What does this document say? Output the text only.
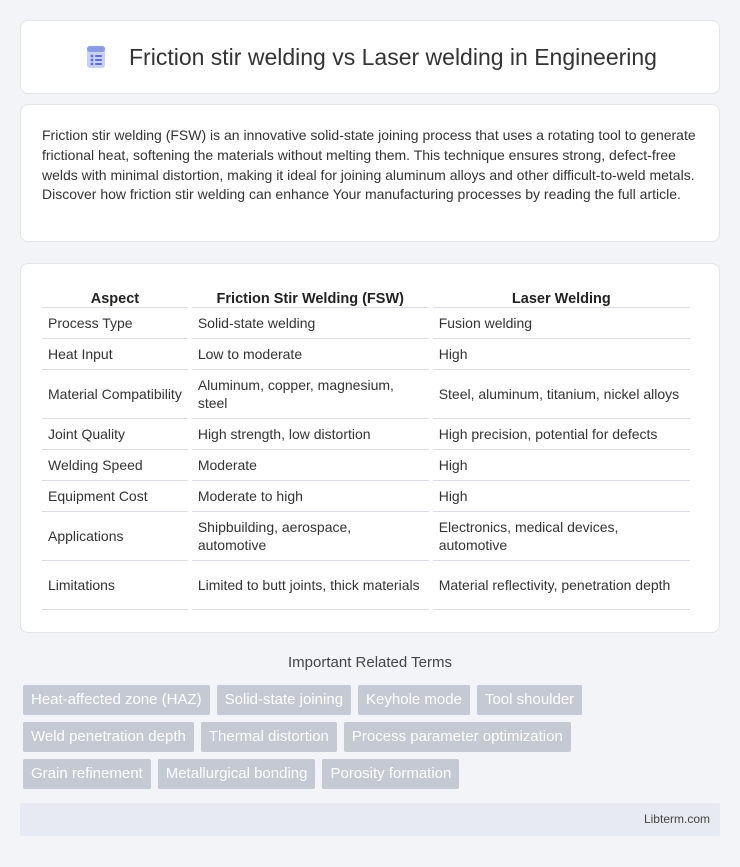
Friction stir welding vs Laser welding in Engineering

Friction stir welding (FSW) is an innovative solid-state joining process that uses a rotating tool to generate frictional heat, softening the materials without melting them. This technique ensures strong, defect-free welds with minimal distortion, making it ideal for joining aluminum alloys and other difficult-to-weld metals. Discover how friction stir welding can enhance Your manufacturing processes by reading the full article.

Aspect	Friction Stir Welding (FSW)	Laser Welding
Process Type	Solid-state welding	Fusion welding
Heat Input	Low to moderate	High
Material Compatibility	Aluminum, copper, magnesium, steel	Steel, aluminum, titanium, nickel alloys
Joint Quality	High strength, low distortion	High precision, potential for defects
Welding Speed	Moderate	High
Equipment Cost	Moderate to high	High
Applications	Shipbuilding, aerospace, automotive	Electronics, medical devices, automotive
Limitations	Limited to butt joints, thick materials	Material reflectivity, penetration depth
Important Related Terms
Heat-affected zone (HAZ)	Solid-state joining	Keyhole mode	Tool shoulder
Weld penetration depth	Thermal distortion	Process parameter optimization
Grain refinement	Metallurgical bonding	Porosity formation
Libterm.com
